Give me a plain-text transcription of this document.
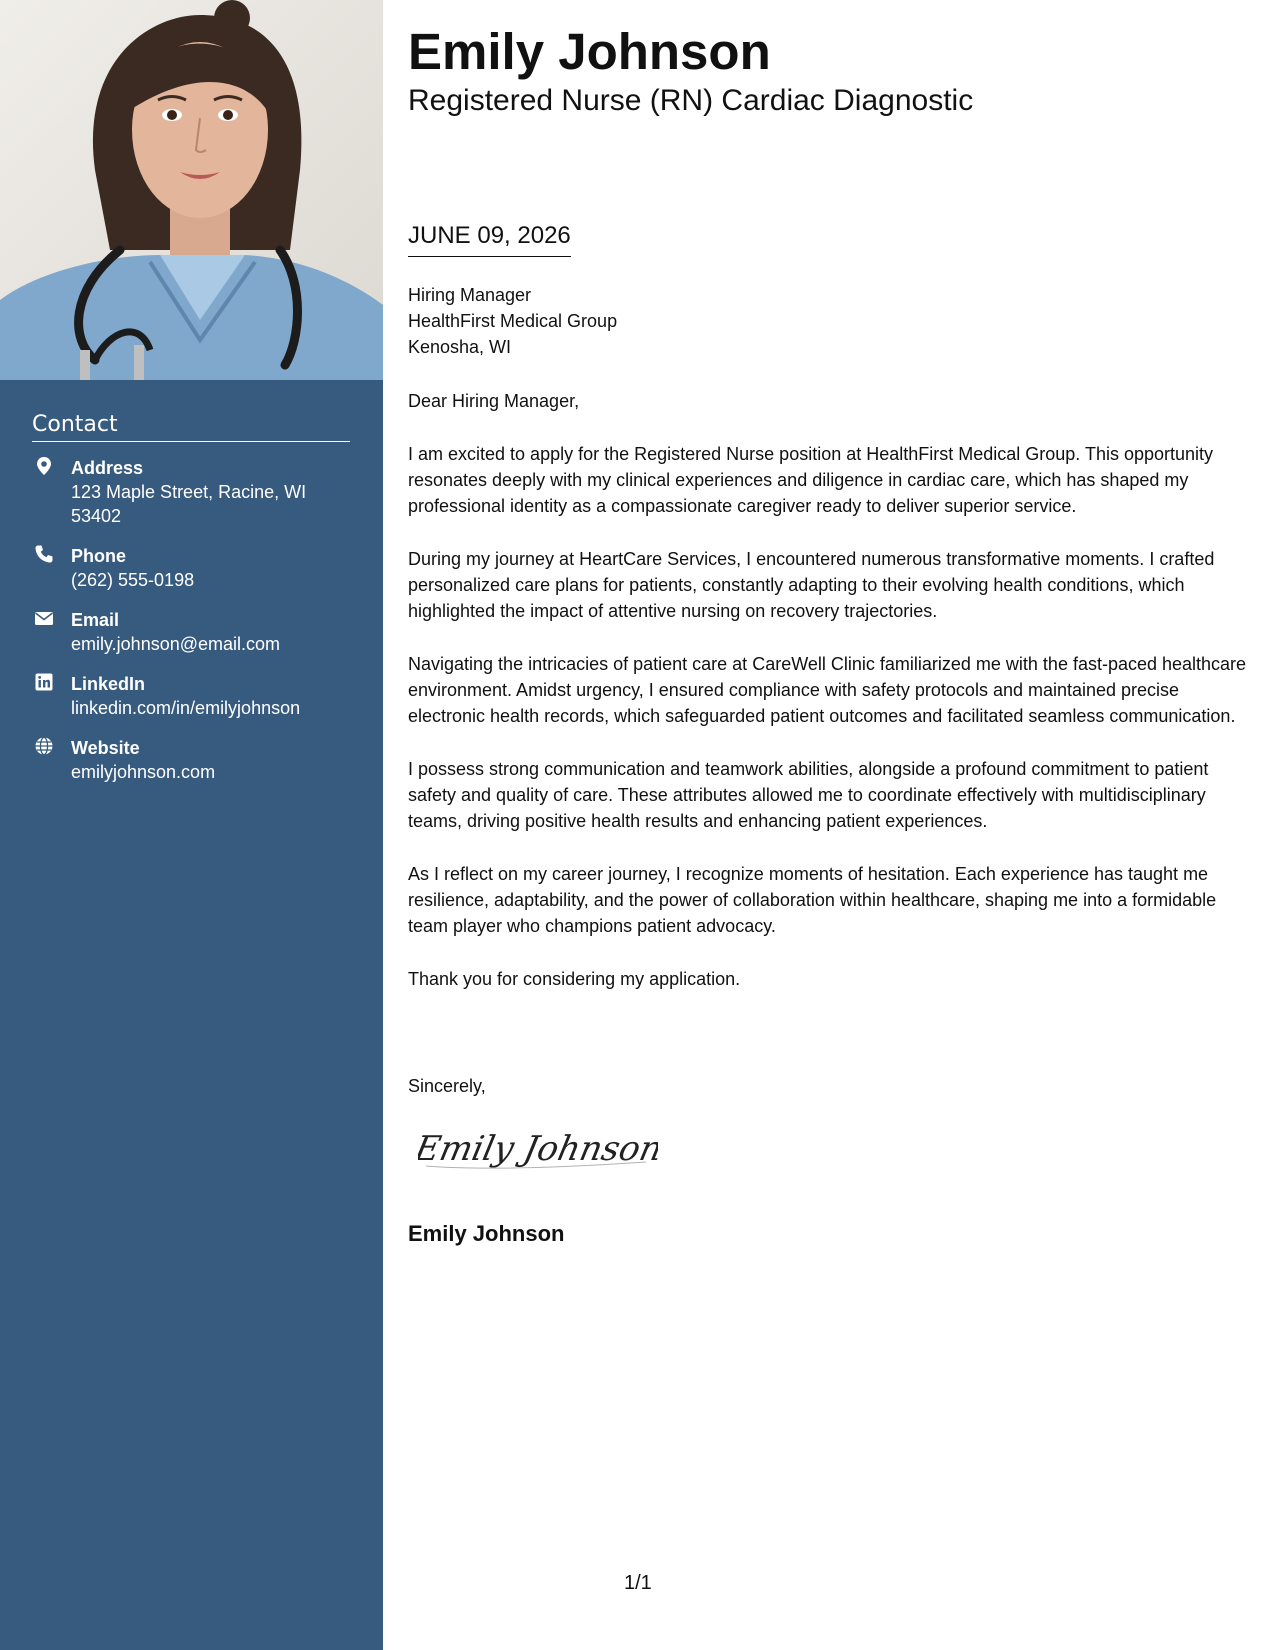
Contact
Address
123 Maple Street, Racine, WI 53402
Phone
(262) 555-0198
Email
emily.johnson@email.com
LinkedIn
linkedin.com/in/emilyjohnson
Website
emilyjohnson.com
Emily Johnson
Registered Nurse (RN) Cardiac Diagnostic
JUNE 09, 2026
Hiring Manager
HealthFirst Medical Group
Kenosha, WI

Dear Hiring Manager,

I am excited to apply for the Registered Nurse position at HealthFirst Medical Group. This opportunity resonates deeply with my clinical experiences and diligence in cardiac care, which has shaped my professional identity as a compassionate caregiver ready to deliver superior service.

During my journey at HeartCare Services, I encountered numerous transformative moments. I crafted personalized care plans for patients, constantly adapting to their evolving health conditions, which highlighted the impact of attentive nursing on recovery trajectories.

Navigating the intricacies of patient care at CareWell Clinic familiarized me with the fast-paced healthcare environment. Amidst urgency, I ensured compliance with safety protocols and maintained precise electronic health records, which safeguarded patient outcomes and facilitated seamless communication.

I possess strong communication and teamwork abilities, alongside a profound commitment to patient safety and quality of care. These attributes allowed me to coordinate effectively with multidisciplinary teams, driving positive health results and enhancing patient experiences.

As I reflect on my career journey, I recognize moments of hesitation. Each experience has taught me resilience, adaptability, and the power of collaboration within healthcare, shaping me into a formidable team player who champions patient advocacy.

Thank you for considering my application.

Sincerely,
Emily Johnson
Emily Johnson
1/1
